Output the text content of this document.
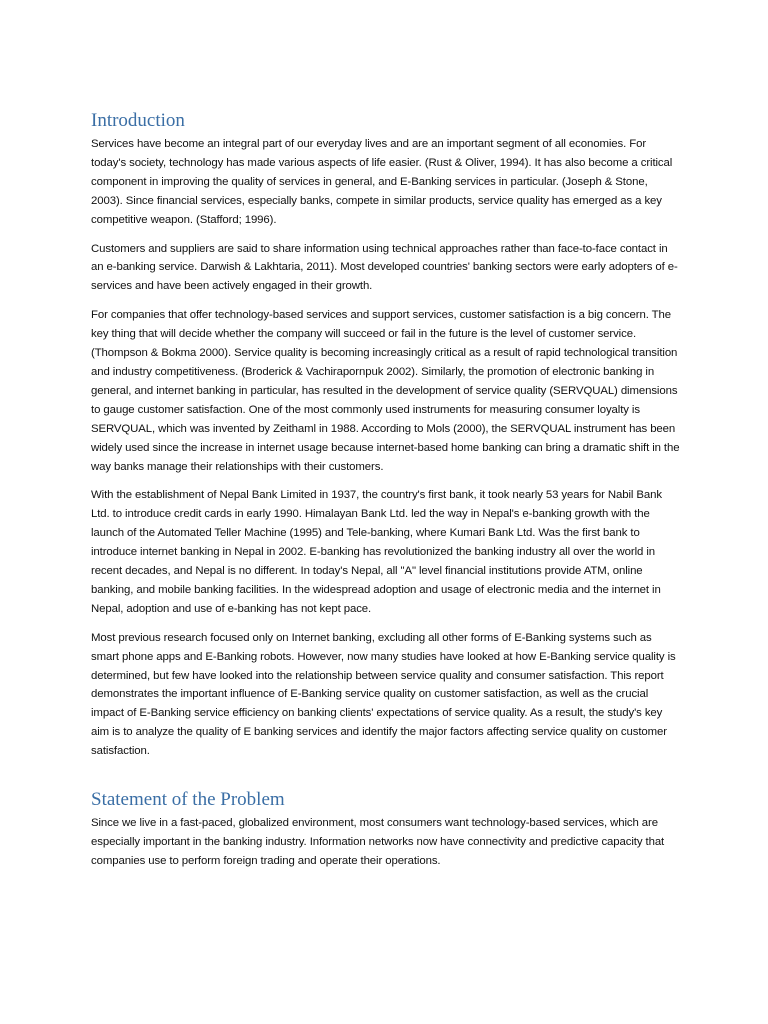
Introduction

Services have become an integral part of our everyday lives and are an important segment of all economies. For today's society, technology has made various aspects of life easier. (Rust & Oliver, 1994). It has also become a critical component in improving the quality of services in general, and E-Banking services in particular. (Joseph & Stone, 2003). Since financial services, especially banks, compete in similar products, service quality has emerged as a key competitive weapon. (Stafford; 1996).

Customers and suppliers are said to share information using technical approaches rather than face-to-face contact in an e-banking service. Darwish & Lakhtaria, 2011). Most developed countries' banking sectors were early adopters of e-services and have been actively engaged in their growth.

For companies that offer technology-based services and support services, customer satisfaction is a big concern. The key thing that will decide whether the company will succeed or fail in the future is the level of customer service. (Thompson & Bokma 2000). Service quality is becoming increasingly critical as a result of rapid technological transition and industry competitiveness. (Broderick & Vachiraporn​puk 2002). Similarly, the promotion of electronic banking in general, and internet banking in particular, has resulted in the development of service quality (SERVQUAL) dimensions to gauge customer satisfaction. One of the most commonly used instruments for measuring consumer loyalty is SERVQUAL, which was invented by Zeithaml in 1988. According to Mols (2000), the SERVQUAL instrument has been widely used since the increase in internet usage because internet-based home banking can bring a dramatic shift in the way banks manage their relationships with their customers.

With the establishment of Nepal Bank Limited in 1937, the country's first bank, it took nearly 53 years for Nabil Bank Ltd. to introduce credit cards in early 1990. Himalayan Bank Ltd. led the way in Nepal's e-banking growth with the launch of the Automated Teller Machine (1995) and Tele-banking, where Kumari Bank Ltd. Was the first bank to introduce internet banking in Nepal in 2002. E-banking has revolutionized the banking industry all over the world in recent decades, and Nepal is no different. In today's Nepal, all "A" level financial institutions provide ATM, online banking, and mobile banking facilities. In the widespread adoption and usage of electronic media and the internet in Nepal, adoption and use of e-banking has not kept pace.

Most previous research focused only on Internet banking, excluding all other forms of E-Banking systems such as smart phone apps and E-Banking robots. However, now many studies have looked at how E-Banking service quality is determined, but few have looked into the relationship between service quality and consumer satisfaction. This report demonstrates the important influence of E-Banking service quality on customer satisfaction, as well as the crucial impact of E-Banking service efficiency on banking clients' expectations of service quality. As a result, the study's key aim is to analyze the quality of E banking services and identify the major factors affecting service quality on customer satisfaction.

Statement of the Problem

Since we live in a fast-paced, globalized environment, most consumers want technology-based services, which are especially important in the banking industry. Information networks now have connectivity and predictive capacity that companies use to perform foreign trading and operate their operations.
